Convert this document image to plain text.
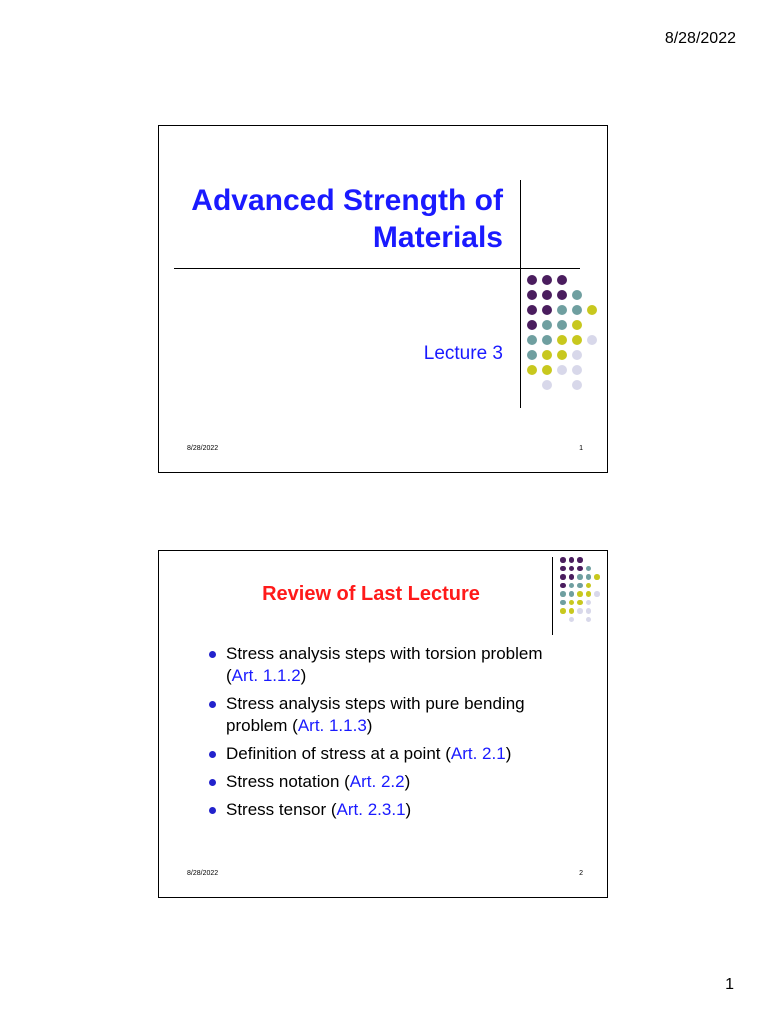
8/28/2022
Advanced Strength of Materials
Lecture 3
8/28/2022	1
Review of Last Lecture
Stress analysis steps with torsion problem (Art. 1.1.2)
Stress analysis steps with pure bending problem (Art. 1.1.3)
Definition of stress at a point (Art. 2.1)
Stress notation (Art. 2.2)
Stress tensor (Art. 2.3.1)
8/28/2022	2
1
